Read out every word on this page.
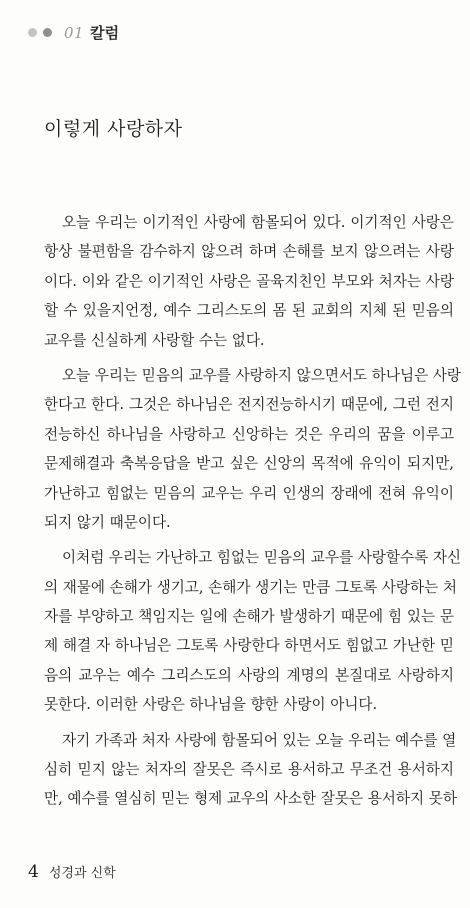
01 칼럼
이렇게 사랑하자
오늘 우리는 이기적인 사랑에 함몰되어 있다. 이기적인 사랑은
항상 불편함을 감수하지 않으려 하며 손해를 보지 않으려는 사랑
이다. 이와 같은 이기적인 사랑은 골육지친인 부모와 처자는 사랑
할 수 있을지언정, 예수 그리스도의 몸 된 교회의 지체 된 믿음의
교우를 신실하게 사랑할 수는 없다.
오늘 우리는 믿음의 교우를 사랑하지 않으면서도 하나님은 사랑
한다고 한다. 그것은 하나님은 전지전능하시기 때문에, 그런 전지
전능하신 하나님을 사랑하고 신앙하는 것은 우리의 꿈을 이루고
문제해결과 축복응답을 받고 싶은 신앙의 목적에 유익이 되지만,
가난하고 힘없는 믿음의 교우는 우리 인생의 장래에 전혀 유익이
되지 않기 때문이다.
이처럼 우리는 가난하고 힘없는 믿음의 교우를 사랑할수록 자신
의 재물에 손해가 생기고, 손해가 생기는 만큼 그토록 사랑하는 처
자를 부양하고 책임지는 일에 손해가 발생하기 때문에 힘 있는 문
제 해결 자 하나님은 그토록 사랑한다 하면서도 힘없고 가난한 믿
음의 교우는 예수 그리스도의 사랑의 계명의 본질대로 사랑하지
못한다. 이러한 사랑은 하나님을 향한 사랑이 아니다.
자기 가족과 처자 사랑에 함몰되어 있는 오늘 우리는 예수를 열
심히 믿지 않는 처자의 잘못은 즉시로 용서하고 무조건 용서하지
만, 예수를 열심히 믿는 형제 교우의 사소한 잘못은 용서하지 못하
4 성경과 신학
